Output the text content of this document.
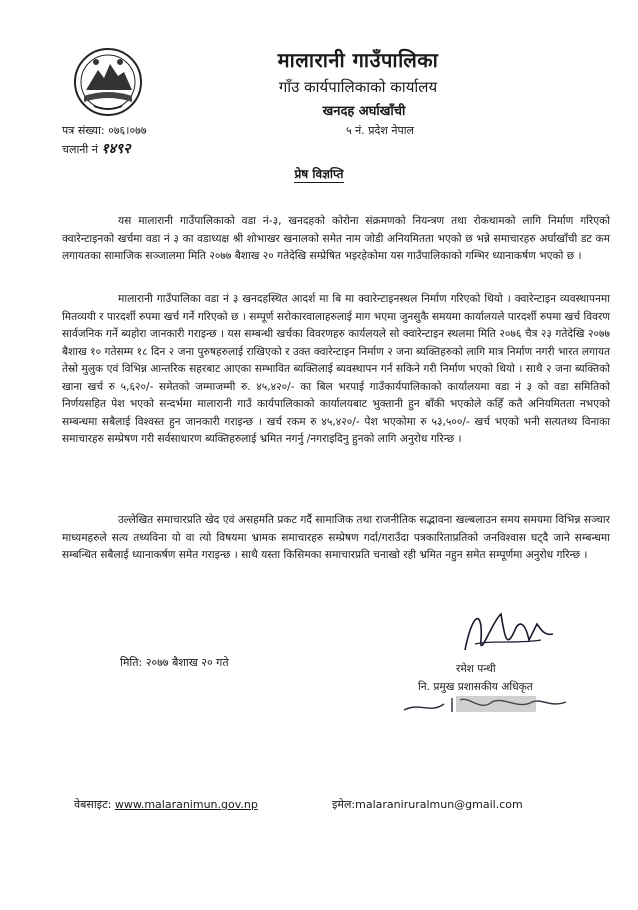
मालारानी गाउँपालिका
गाँउ कार्यपालिकाको कार्यालय
खनदह अर्घाखाँची
५ नं. प्रदेश नेपाल
पत्र संख्या: ०७६।०७७
चलानी नं १४९२
प्रेष विज्ञप्ति
यस मालारानी गाउँपालिकाको वडा नं-३, खनदहको कोरोना संक्रमणको नियन्त्रण तथा रोकथामको लागि निर्माण गरिएको क्वारेन्टाइनको खर्चमा वडा नं ३ का वडाध्यक्ष श्री शोभाखर खनालको समेत नाम जोडी अनियमितता भएको छ भन्ने समाचारहरु अर्घाखाँची डट कम लगायतका सामाजिक सञ्जालमा मिति २०७७ बैशाख २० गतेदेखि सम्प्रेषित भइरहेकोमा यस गाउँपालिकाको गम्भिर ध्यानाकर्षण भएको छ ।
मालारानी गाउँपालिका वडा नं ३ खनदहस्थित आदर्श मा बि मा क्वारेन्टाइनस्थल निर्माण गरिएको थियो । क्वारेन्टाइन व्यवस्थापनमा मितव्ययी र पारदर्शी रुपमा खर्च गर्ने गरिएको छ । सम्पूर्ण सरोकारवालाहरुलाई माग भएमा जुनसुकै समयमा कार्यालयले पारदर्शी रुपमा खर्च विवरण सार्वजनिक गर्ने ब्यहोरा जानकारी गराइन्छ । यस सम्बन्धी खर्चका विवरणहरु कार्यलयले सो क्वारेन्टाइन स्थलमा मिति २०७६ चैत्र २३ गतेदेखि २०७७ बैशाख १० गतेसम्म १८ दिन २ जना पुरुषहरुलाई राखिएको र उक्त क्वारेन्टाइन निर्माण २ जना ब्यक्तिहरुको लागि मात्र निर्माण नगरी भारत लगायत तेस्रो मुलुक एवं विभिन्न आन्तरिक सहरबाट आएका सम्भावित ब्यक्तिलाई ब्यवस्थापन गर्न सकिने गरी निर्माण भएको थियो । साथै २ जना ब्यक्तिको खाना खर्च रु ५,६२०/- समेतको जम्माजम्मी रु. ४५,४२०/- का बिल भरपाई गाउँकार्यपालिकाको कार्यालयमा वडा नं ३ को वडा समितिको निर्णयसहित पेश भएको सन्दर्भमा मालारानी गाउँ कार्यपालिकाको कार्यालयबाट भुक्तानी हुन बाँकी भएकोले कहिँ कतै अनियमितता नभएको सम्बन्धमा सबैलाई विश्वस्त हुन जानकारी गराइन्छ । खर्च रकम रु ४५,४२०/- पेश भएकोमा रु ५३,५००/- खर्च भएको भनी सत्यतथ्य विनाका समाचारहरु सम्प्रेषण गरी सर्वसाधारण ब्यक्तिहरुलाई भ्रमित नगर्नु /नगराइदिनु हुनको लागि अनुरोध गरिन्छ ।
उल्लेखित समाचारप्रति खेद एवं असहमति प्रकट गर्दै सामाजिक तथा राजनीतिक सद्भावना खल्बलाउन समय समयमा विभिन्न सञ्चार माध्यमहरुले सत्य तथ्यविना यो वा त्यो विषयमा भ्रामक समाचारहरु सम्प्रेषण गर्दा/गराउँदा पत्रकारिताप्रतिको जनविश्वास घट्दै जाने सम्बन्धमा सम्बन्धित सबैलाई ध्यानाकर्षण समेत गराइन्छ । साथै यस्ता किसिमका समाचारप्रति चनाखो रही भ्रमित नहुन समेत सम्पूर्णमा अनुरोध गरिन्छ ।
मिति: २०७७ बैशाख २० गते	रमेश पन्थी
नि. प्रमुख प्रशासकीय अधिकृत
वेबसाइट: www.malaranimun.gov.np	इमेल:malaraniruralmun@gmail.com
